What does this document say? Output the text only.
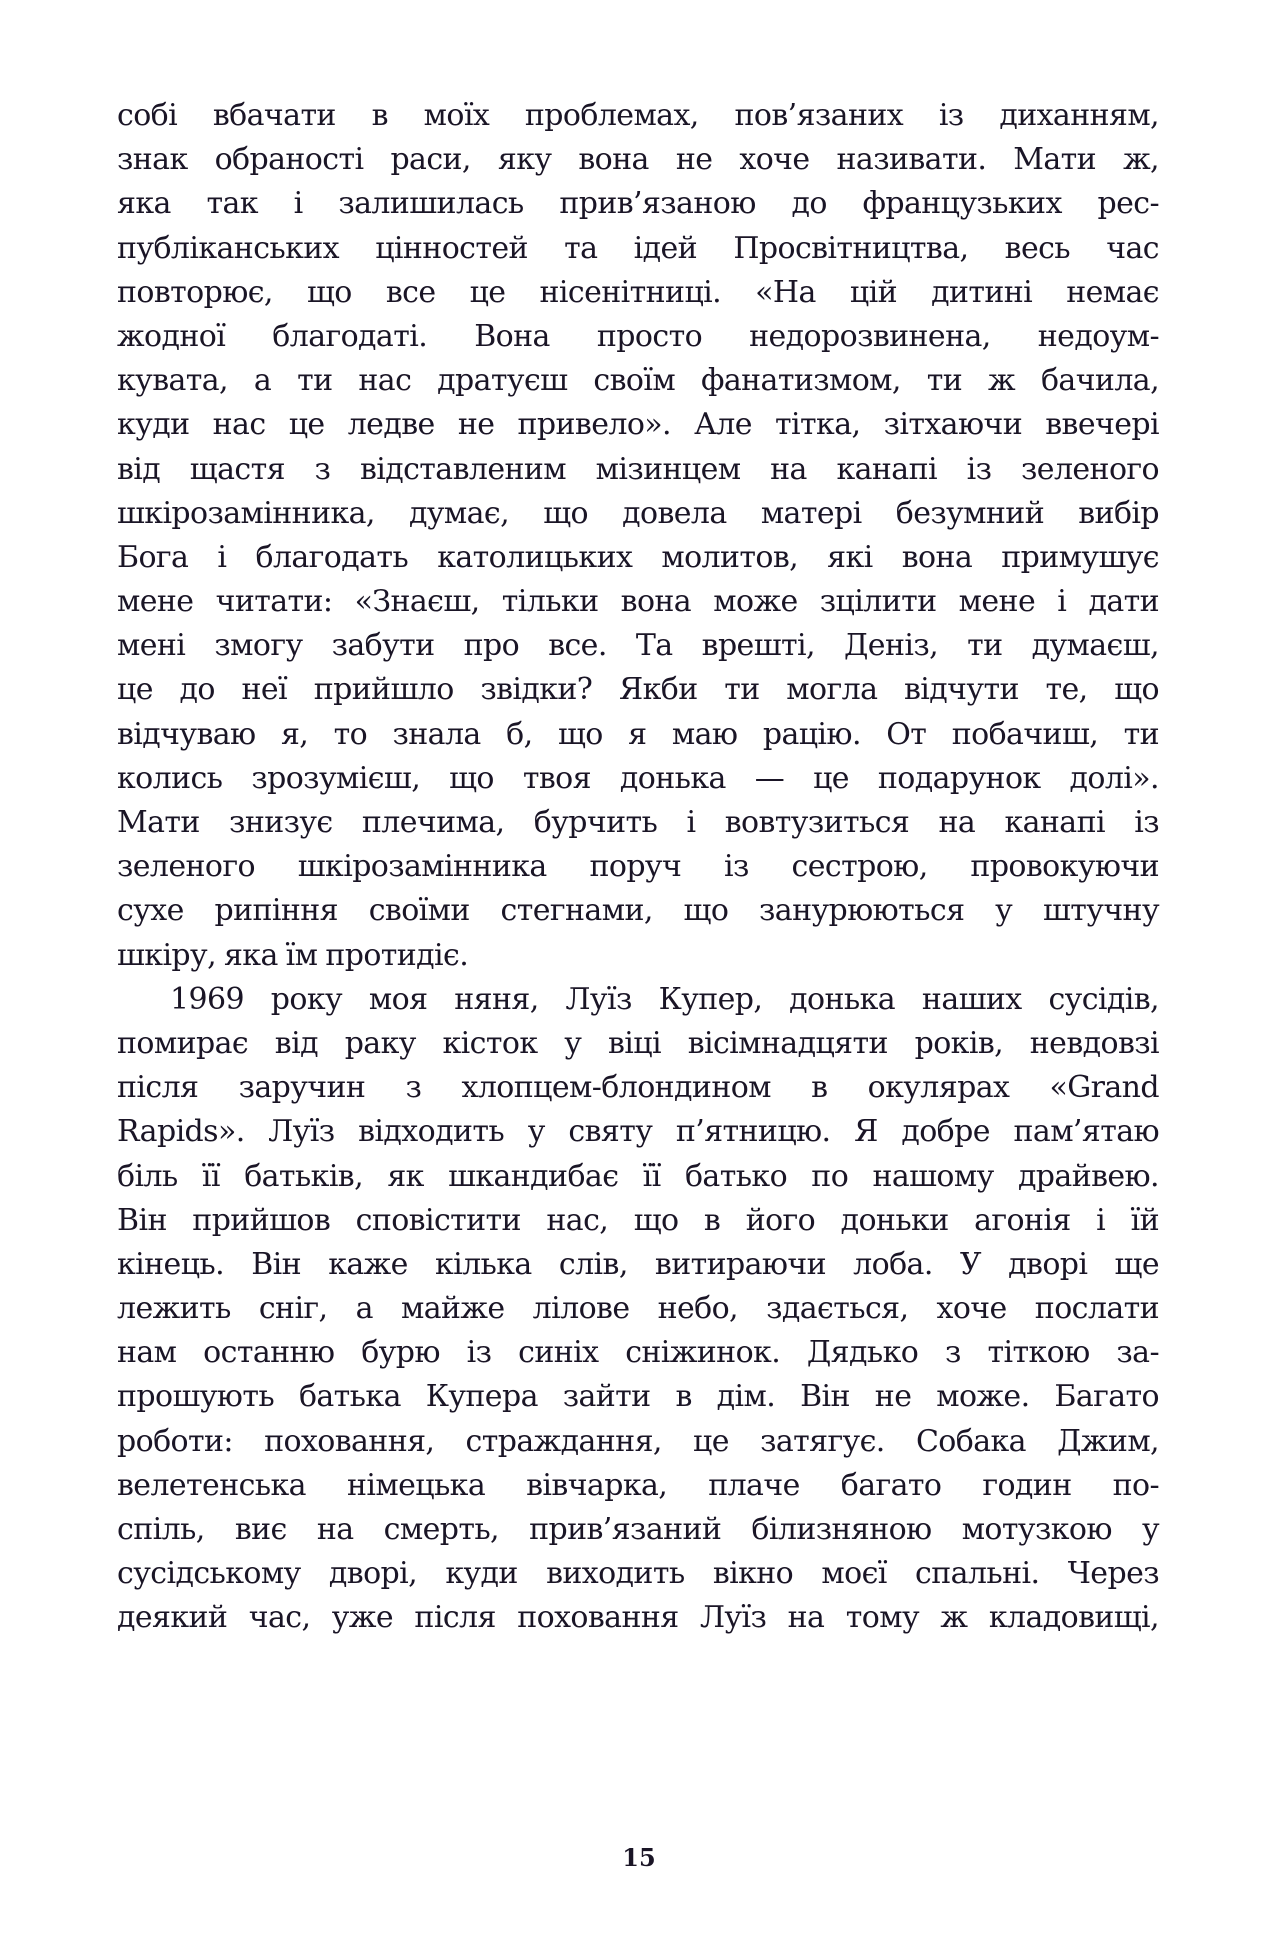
собі вбачати в моїх проблемах, пов’язаних із диханням,
знак обраності раси, яку вона не хоче називати. Мати ж,
яка так і залишилась прив’язаною до французьких рес-
публіканських цінностей та ідей Просвітництва, весь час
повторює, що все це нісенітниці. «На цій дитині немає
жодної благодаті. Вона просто недорозвинена, недоум-
кувата, а ти нас дратуєш своїм фанатизмом, ти ж бачила,
куди нас це ледве не привело». Але тітка, зітхаючи ввечері
від щастя з відставленим мізинцем на канапі із зеленого
шкірозамінника, думає, що довела матері безумний вибір
Бога і благодать католицьких молитов, які вона примушує
мене читати: «Знаєш, тільки вона може зцілити мене і дати
мені змогу забути про все. Та врешті, Деніз, ти думаєш,
це до неї прийшло звідки? Якби ти могла відчути те, що
відчуваю я, то знала б, що я маю рацію. От побачиш, ти
колись зрозумієш, що твоя донька — це подарунок долі».
Мати знизує плечима, бурчить і вовтузиться на канапі із
зеленого шкірозамінника поруч із сестрою, провокуючи
сухе рипіння своїми стегнами, що занурюються у штучну
шкіру, яка їм протидіє.
1969 року моя няня, Луїз Купер, донька наших сусідів,
помирає від раку кісток у віці вісімнадцяти років, невдовзі
після заручин з хлопцем-блондином в окулярах «Grand
Rapids». Луїз відходить у святу п’ятницю. Я добре пам’ятаю
біль її батьків, як шкандибає її батько по нашому драйвею.
Він прийшов сповістити нас, що в його доньки агонія і їй
кінець. Він каже кілька слів, витираючи лоба. У дворі ще
лежить сніг, а майже лілове небо, здається, хоче послати
нам останню бурю із синіх сніжинок. Дядько з тіткою за-
прошують батька Купера зайти в дім. Він не може. Багато
роботи: поховання, страждання, це затягує. Собака Джим,
велетенська німецька вівчарка, плаче багато годин по-
спіль, виє на смерть, прив’язаний білизняною мотузкою у
сусідському дворі, куди виходить вікно моєї спальні. Через
деякий час, уже після поховання Луїз на тому ж кладовищі,
15
